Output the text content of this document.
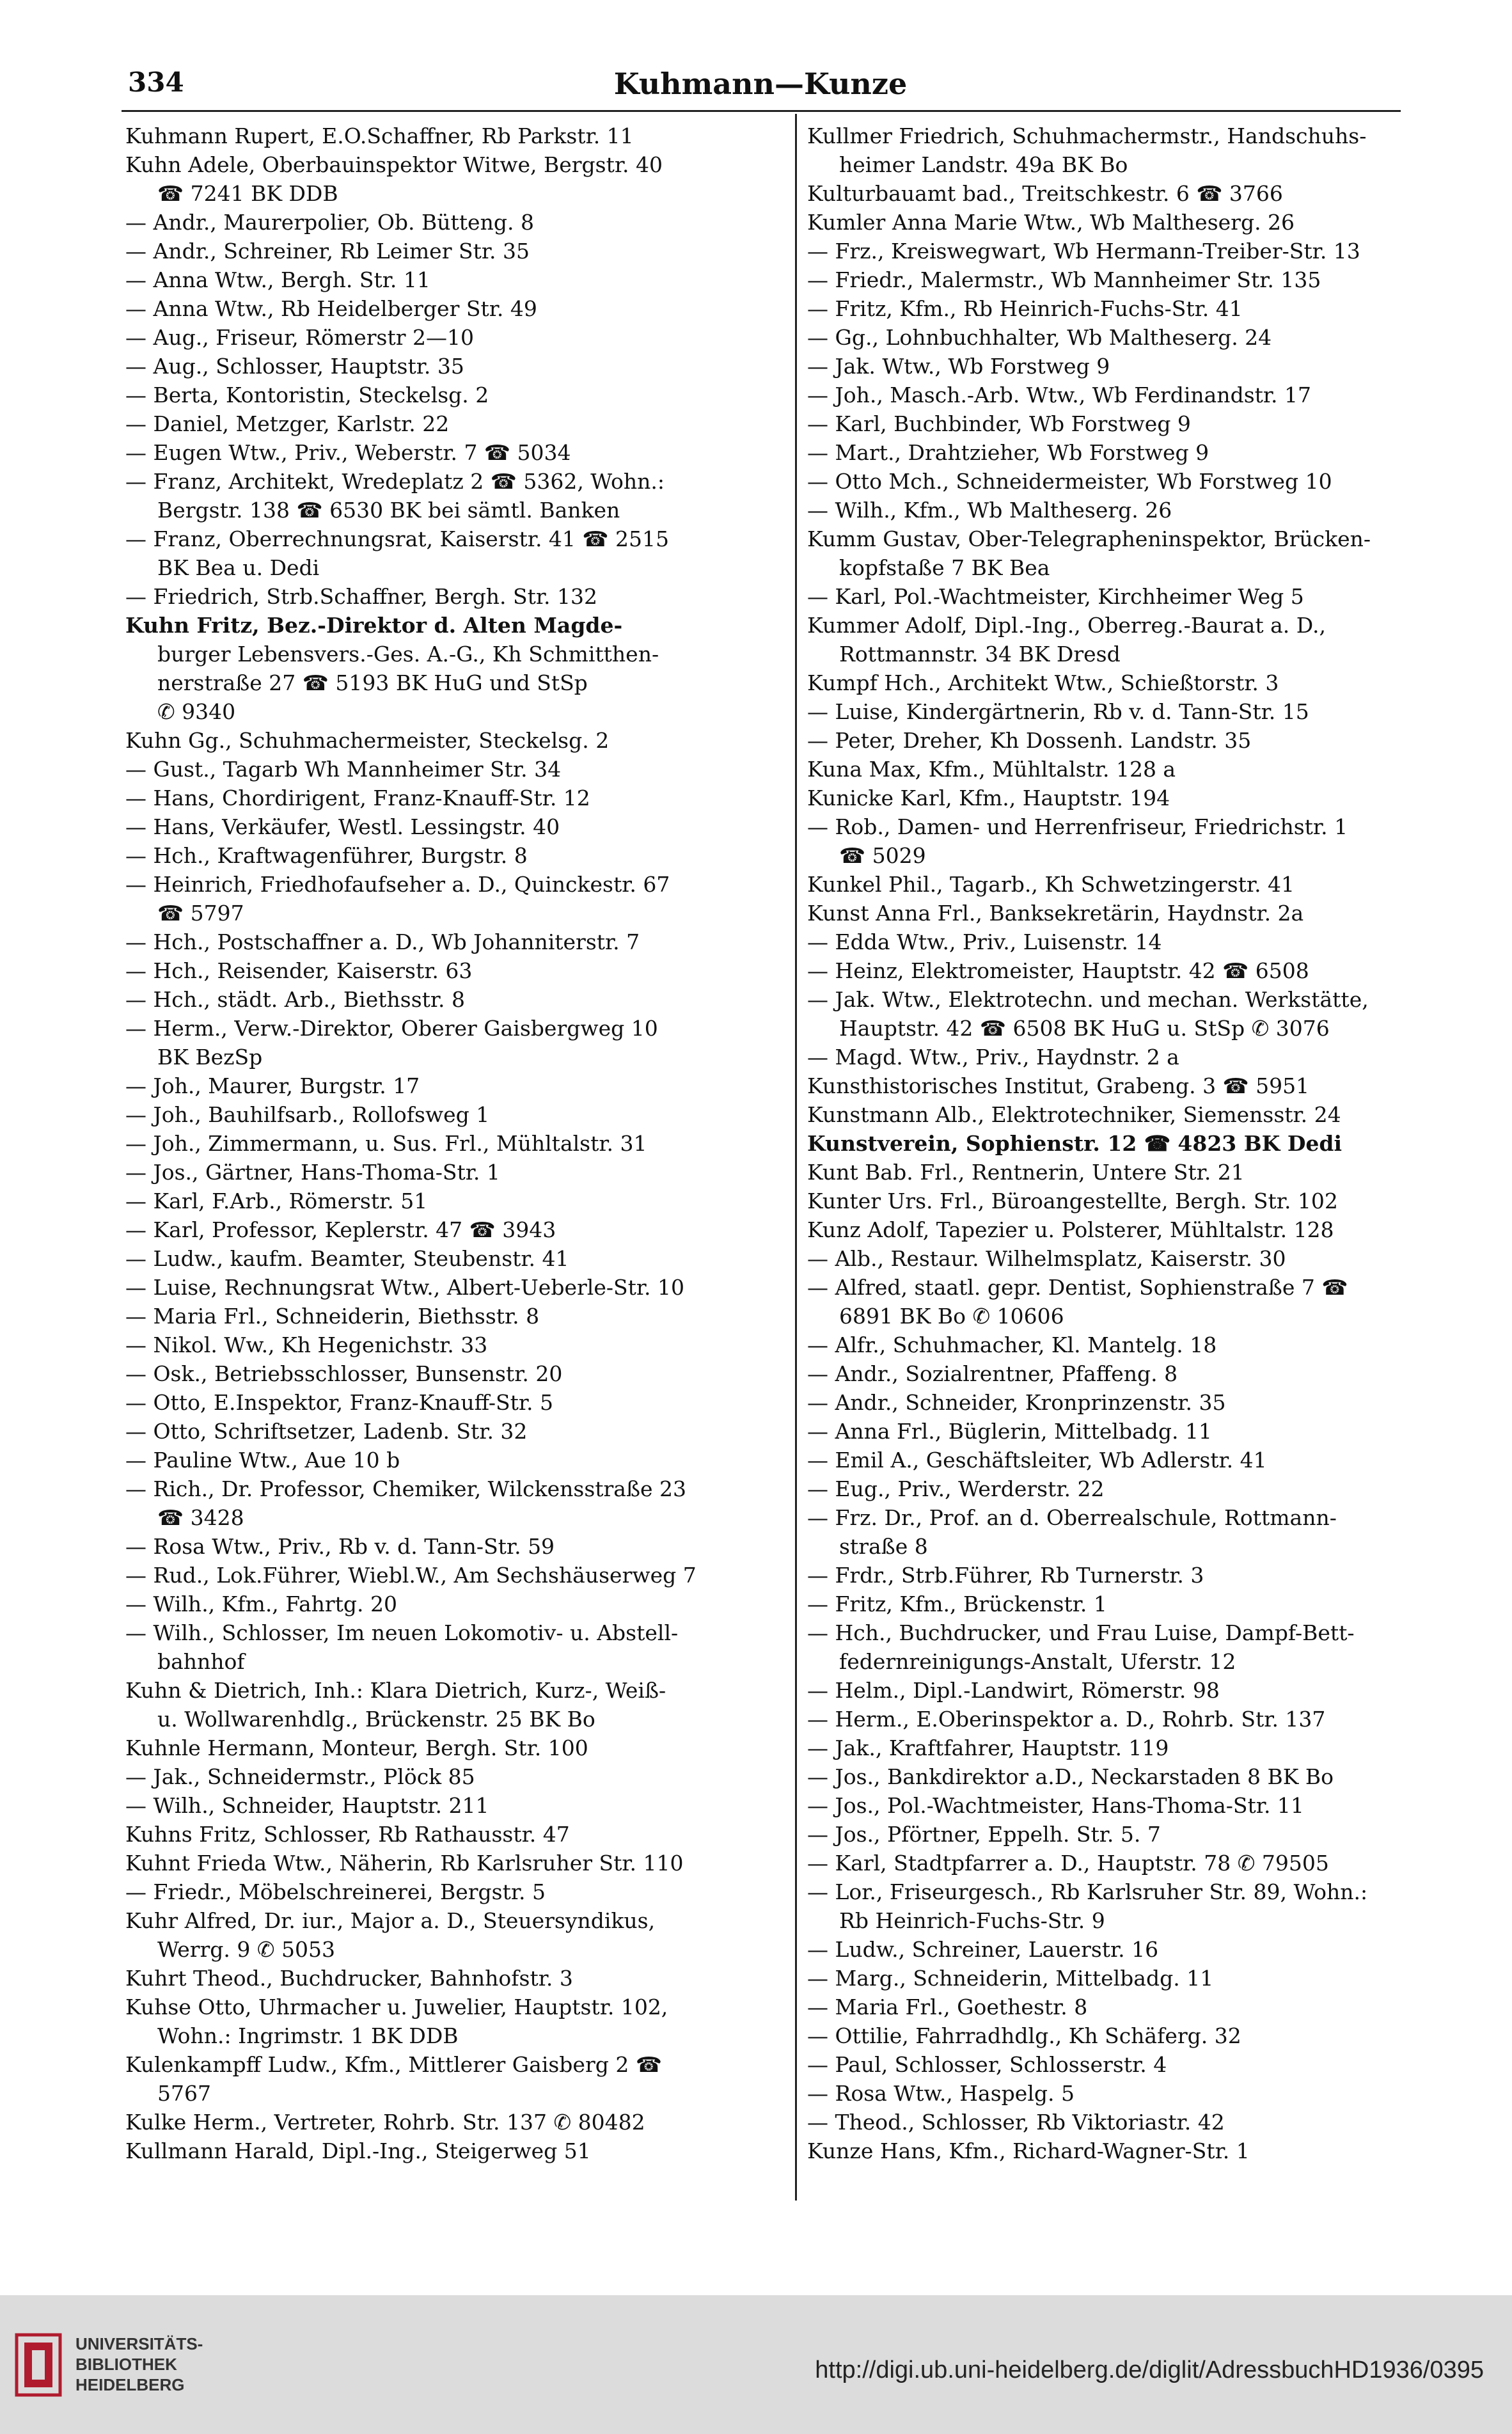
334	Kuhmann—Kunze
Kuhmann Rupert, E.O.Schaffner, Rb Parkstr. 11
Kuhn Adele, Oberbauinspektor Witwe, Bergstr. 40
☎ 7241 BK DDB
— Andr., Maurerpolier, Ob. Bütteng. 8
— Andr., Schreiner, Rb Leimer Str. 35
— Anna Wtw., Bergh. Str. 11
— Anna Wtw., Rb Heidelberger Str. 49
— Aug., Friseur, Römerstr 2—10
— Aug., Schlosser, Hauptstr. 35
— Berta, Kontoristin, Steckelsg. 2
— Daniel, Metzger, Karlstr. 22
— Eugen Wtw., Priv., Weberstr. 7 ☎ 5034
— Franz, Architekt, Wredeplatz 2 ☎ 5362, Wohn.:
Bergstr. 138 ☎ 6530 BK bei sämtl. Banken
— Franz, Oberrechnungsrat, Kaiserstr. 41 ☎ 2515
BK Bea u. Dedi
— Friedrich, Strb.Schaffner, Bergh. Str. 132
Kuhn Fritz, Bez.-Direktor d. Alten Magde-
burger Lebensvers.-Ges. A.-G., Kh Schmitthen-
nerstraße 27 ☎ 5193 BK HuG und StSp
✆ 9340
Kuhn Gg., Schuhmachermeister, Steckelsg. 2
— Gust., Tagarb Wh Mannheimer Str. 34
— Hans, Chordirigent, Franz-Knauff-Str. 12
— Hans, Verkäufer, Westl. Lessingstr. 40
— Hch., Kraftwagenführer, Burgstr. 8
— Heinrich, Friedhofaufseher a. D., Quinckestr. 67
☎ 5797
— Hch., Postschaffner a. D., Wb Johanniterstr. 7
— Hch., Reisender, Kaiserstr. 63
— Hch., städt. Arb., Biethsstr. 8
— Herm., Verw.-Direktor, Oberer Gaisbergweg 10
BK BezSp
— Joh., Maurer, Burgstr. 17
— Joh., Bauhilfsarb., Rollofsweg 1
— Joh., Zimmermann, u. Sus. Frl., Mühltalstr. 31
— Jos., Gärtner, Hans-Thoma-Str. 1
— Karl, F.Arb., Römerstr. 51
— Karl, Professor, Keplerstr. 47 ☎ 3943
— Ludw., kaufm. Beamter, Steubenstr. 41
— Luise, Rechnungsrat Wtw., Albert-Ueberle-Str. 10
— Maria Frl., Schneiderin, Biethsstr. 8
— Nikol. Ww., Kh Hegenichstr. 33
— Osk., Betriebsschlosser, Bunsenstr. 20
— Otto, E.Inspektor, Franz-Knauff-Str. 5
— Otto, Schriftsetzer, Ladenb. Str. 32
— Pauline Wtw., Aue 10 b
— Rich., Dr. Professor, Chemiker, Wilckensstraße 23
☎ 3428
— Rosa Wtw., Priv., Rb v. d. Tann-Str. 59
— Rud., Lok.Führer, Wiebl.W., Am Sechshäuserweg 7
— Wilh., Kfm., Fahrtg. 20
— Wilh., Schlosser, Im neuen Lokomotiv- u. Abstell-
bahnhof
Kuhn & Dietrich, Inh.: Klara Dietrich, Kurz-, Weiß-
u. Wollwarenhdlg., Brückenstr. 25 BK Bo
Kuhnle Hermann, Monteur, Bergh. Str. 100
— Jak., Schneidermstr., Plöck 85
— Wilh., Schneider, Hauptstr. 211
Kuhns Fritz, Schlosser, Rb Rathausstr. 47
Kuhnt Frieda Wtw., Näherin, Rb Karlsruher Str. 110
— Friedr., Möbelschreinerei, Bergstr. 5
Kuhr Alfred, Dr. iur., Major a. D., Steuersyndikus,
Werrg. 9 ✆ 5053
Kuhrt Theod., Buchdrucker, Bahnhofstr. 3
Kuhse Otto, Uhrmacher u. Juwelier, Hauptstr. 102,
Wohn.: Ingrimstr. 1 BK DDB
Kulenkampff Ludw., Kfm., Mittlerer Gaisberg 2 ☎
5767
Kulke Herm., Vertreter, Rohrb. Str. 137 ✆ 80482
Kullmann Harald, Dipl.-Ing., Steigerweg 51
Kullmer Friedrich, Schuhmachermstr., Handschuhs-
heimer Landstr. 49a BK Bo
Kulturbauamt bad., Treitschkestr. 6 ☎ 3766
Kumler Anna Marie Wtw., Wb Maltheserg. 26
— Frz., Kreiswegwart, Wb Hermann-Treiber-Str. 13
— Friedr., Malermstr., Wb Mannheimer Str. 135
— Fritz, Kfm., Rb Heinrich-Fuchs-Str. 41
— Gg., Lohnbuchhalter, Wb Maltheserg. 24
— Jak. Wtw., Wb Forstweg 9
— Joh., Masch.-Arb. Wtw., Wb Ferdinandstr. 17
— Karl, Buchbinder, Wb Forstweg 9
— Mart., Drahtzieher, Wb Forstweg 9
— Otto Mch., Schneidermeister, Wb Forstweg 10
— Wilh., Kfm., Wb Maltheserg. 26
Kumm Gustav, Ober-Telegrapheninspektor, Brücken-
kopfstaße 7 BK Bea
— Karl, Pol.-Wachtmeister, Kirchheimer Weg 5
Kummer Adolf, Dipl.-Ing., Oberreg.-Baurat a. D.,
Rottmannstr. 34 BK Dresd
Kumpf Hch., Architekt Wtw., Schießtorstr. 3
— Luise, Kindergärtnerin, Rb v. d. Tann-Str. 15
— Peter, Dreher, Kh Dossenh. Landstr. 35
Kuna Max, Kfm., Mühltalstr. 128 a
Kunicke Karl, Kfm., Hauptstr. 194
— Rob., Damen- und Herrenfriseur, Friedrichstr. 1
☎ 5029
Kunkel Phil., Tagarb., Kh Schwetzingerstr. 41
Kunst Anna Frl., Banksekretärin, Haydnstr. 2a
— Edda Wtw., Priv., Luisenstr. 14
— Heinz, Elektromeister, Hauptstr. 42 ☎ 6508
— Jak. Wtw., Elektrotechn. und mechan. Werkstätte,
Hauptstr. 42 ☎ 6508 BK HuG u. StSp ✆ 3076
— Magd. Wtw., Priv., Haydnstr. 2 a
Kunsthistorisches Institut, Grabeng. 3 ☎ 5951
Kunstmann Alb., Elektrotechniker, Siemensstr. 24
Kunstverein, Sophienstr. 12 ☎ 4823 BK Dedi
Kunt Bab. Frl., Rentnerin, Untere Str. 21
Kunter Urs. Frl., Büroangestellte, Bergh. Str. 102
Kunz Adolf, Tapezier u. Polsterer, Mühltalstr. 128
— Alb., Restaur. Wilhelmsplatz, Kaiserstr. 30
— Alfred, staatl. gepr. Dentist, Sophienstraße 7 ☎
6891 BK Bo ✆ 10606
— Alfr., Schuhmacher, Kl. Mantelg. 18
— Andr., Sozialrentner, Pfaffeng. 8
— Andr., Schneider, Kronprinzenstr. 35
— Anna Frl., Büglerin, Mittelbadg. 11
— Emil A., Geschäftsleiter, Wb Adlerstr. 41
— Eug., Priv., Werderstr. 22
— Frz. Dr., Prof. an d. Oberrealschule, Rottmann-
straße 8
— Frdr., Strb.Führer, Rb Turnerstr. 3
— Fritz, Kfm., Brückenstr. 1
— Hch., Buchdrucker, und Frau Luise, Dampf-Bett-
federnreinigungs-Anstalt, Uferstr. 12
— Helm., Dipl.-Landwirt, Römerstr. 98
— Herm., E.Oberinspektor a. D., Rohrb. Str. 137
— Jak., Kraftfahrer, Hauptstr. 119
— Jos., Bankdirektor a.D., Neckarstaden 8 BK Bo
— Jos., Pol.-Wachtmeister, Hans-Thoma-Str. 11
— Jos., Pförtner, Eppelh. Str. 5. 7
— Karl, Stadtpfarrer a. D., Hauptstr. 78 ✆ 79505
— Lor., Friseurgesch., Rb Karlsruher Str. 89, Wohn.:
Rb Heinrich-Fuchs-Str. 9
— Ludw., Schreiner, Lauerstr. 16
— Marg., Schneiderin, Mittelbadg. 11
— Maria Frl., Goethestr. 8
— Ottilie, Fahrradhdlg., Kh Schäferg. 32
— Paul, Schlosser, Schlosserstr. 4
— Rosa Wtw., Haspelg. 5
— Theod., Schlosser, Rb Viktoriastr. 42
Kunze Hans, Kfm., Richard-Wagner-Str. 1
UNIVERSITÄTS-
BIBLIOTHEK
HEIDELBERG
http://digi.ub.uni-heidelberg.de/diglit/AdressbuchHD1936/0395
